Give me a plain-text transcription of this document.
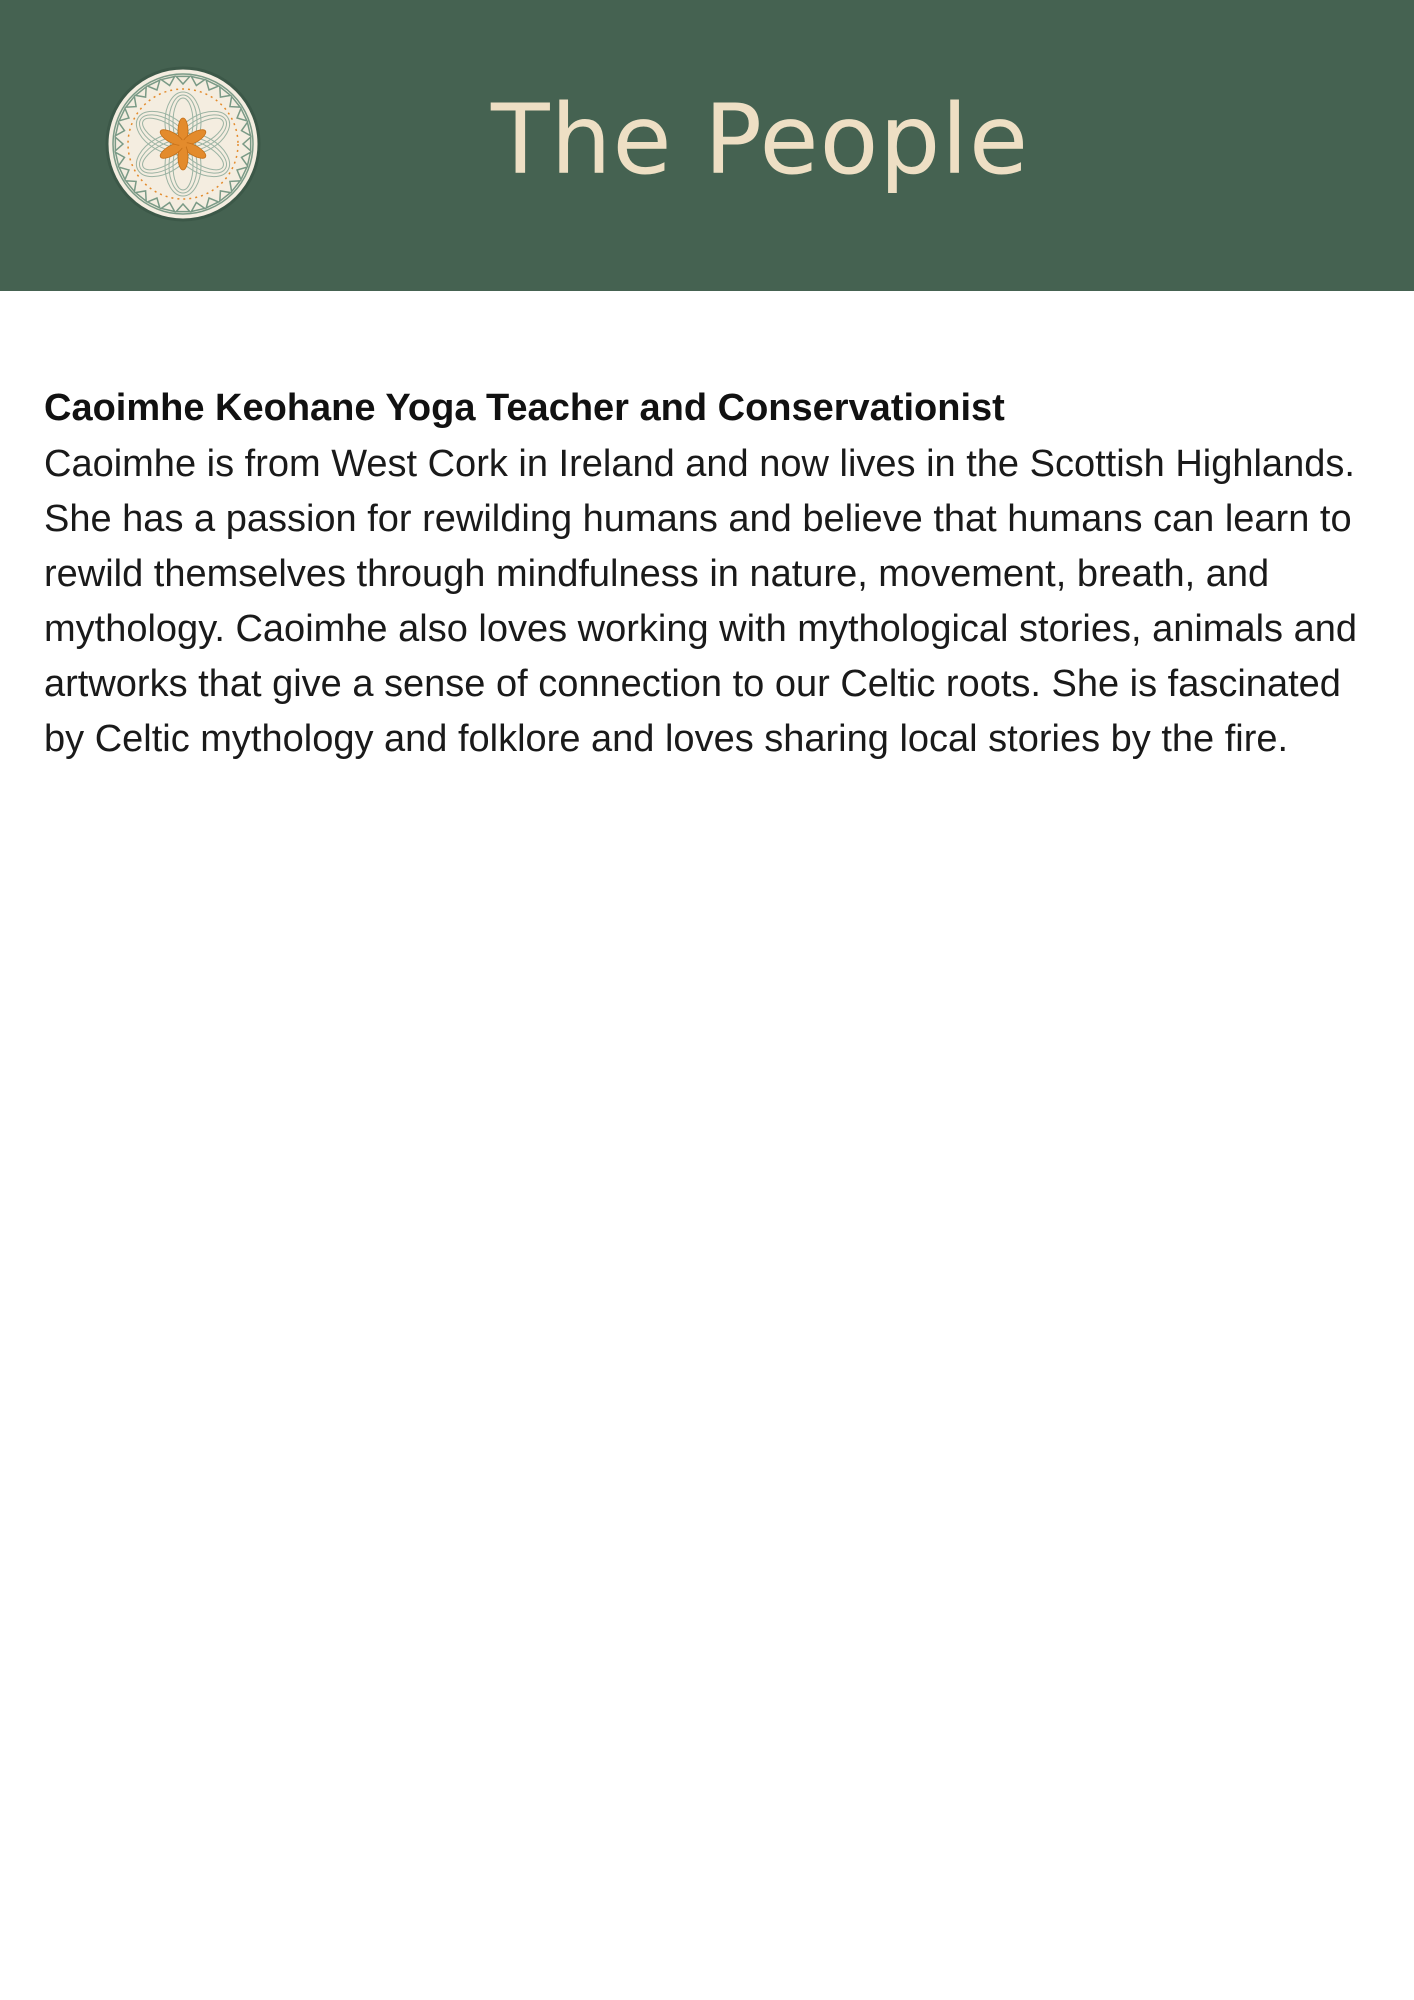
The People

Caoimhe Keohane Yoga Teacher and Conservationist

Caoimhe is from West Cork in Ireland and now lives in the Scottish Highlands. She has a passion for rewilding humans and believe that humans can learn to rewild themselves through mindfulness in nature, movement, breath, and mythology. Caoimhe also loves working with mythological stories, animals and artworks that give a sense of connection to our Celtic roots. She is fascinated by Celtic mythology and folklore and loves sharing local stories by the fire.
